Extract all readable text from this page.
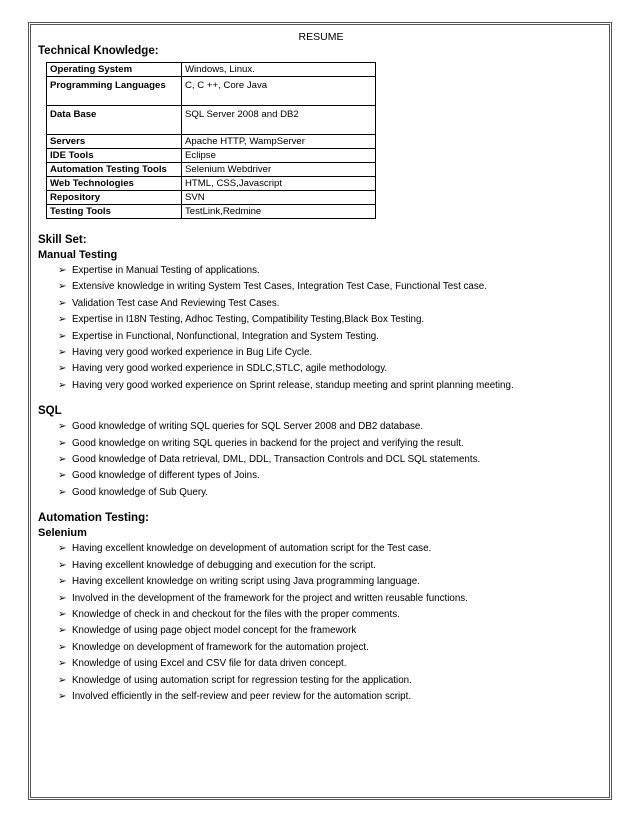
RESUME
Technical Knowledge:
Operating System	Windows, Linux.
Programming Languages	C, C ++, Core Java
Data Base	SQL Server 2008 and DB2
Servers	Apache HTTP, WampServer
IDE Tools	Eclipse
Automation Testing Tools	Selenium Webdriver
Web Technologies	HTML, CSS,Javascript
Repository	SVN
Testing Tools	TestLink,Redmine
Skill Set:
Manual Testing
➢ Expertise in Manual Testing of applications.
➢ Extensive knowledge in writing System Test Cases, Integration Test Case, Functional Test case.
➢ Validation Test case And Reviewing Test Cases.
➢ Expertise in I18N Testing, Adhoc Testing, Compatibility Testing,Black Box Testing.
➢ Expertise in Functional, Nonfunctional, Integration and System Testing.
➢ Having very good worked experience in Bug Life Cycle.
➢ Having very good worked experience in SDLC,STLC, agile methodology.
➢ Having very good worked experience on Sprint release, standup meeting and sprint planning meeting.
SQL
➢ Good knowledge of writing SQL queries for SQL Server 2008 and DB2 database.
➢ Good knowledge on writing SQL queries in backend for the project and verifying the result.
➢ Good knowledge of Data retrieval, DML, DDL, Transaction Controls and DCL SQL statements.
➢ Good knowledge of different types of Joins.
➢ Good knowledge of Sub Query.
Automation Testing:
Selenium
➢ Having excellent knowledge on development of automation script for the Test case.
➢ Having excellent knowledge of debugging and execution for the script.
➢ Having excellent knowledge on writing script using Java programming language.
➢ Involved in the development of the framework for the project and written reusable functions.
➢ Knowledge of check in and checkout for the files with the proper comments.
➢ Knowledge of using page object model concept for the framework
➢ Knowledge on development of framework for the automation project.
➢ Knowledge of using Excel and CSV file for data driven concept.
➢ Knowledge of using automation script for regression testing for the application.
➢ Involved efficiently in the self-review and peer review for the automation script.
